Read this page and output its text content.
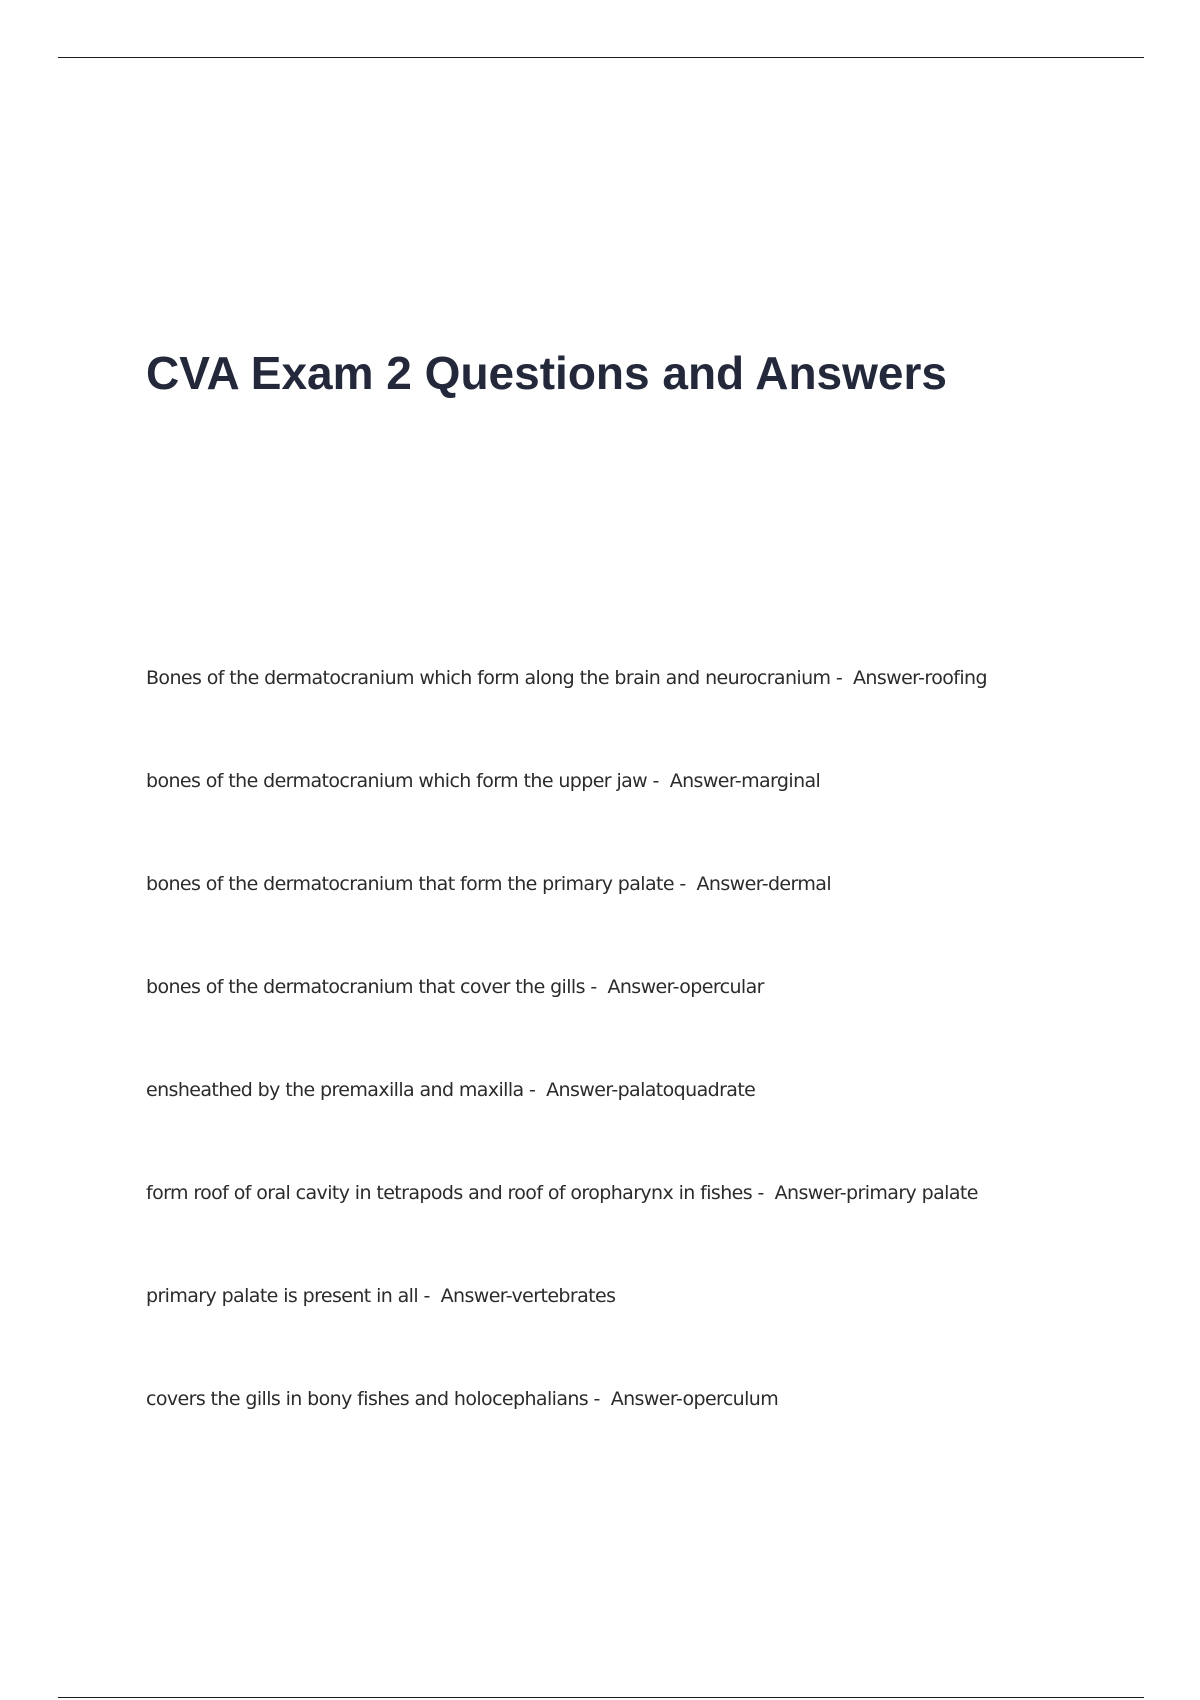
CVA Exam 2 Questions and Answers
Bones of the dermatocranium which form along the brain and neurocranium -  Answer-roofing
bones of the dermatocranium which form the upper jaw -  Answer-marginal
bones of the dermatocranium that form the primary palate -  Answer-dermal
bones of the dermatocranium that cover the gills -  Answer-opercular
ensheathed by the premaxilla and maxilla -  Answer-palatoquadrate
form roof of oral cavity in tetrapods and roof of oropharynx in fishes -  Answer-primary palate
primary palate is present in all -  Answer-vertebrates
covers the gills in bony fishes and holocephalians -  Answer-operculum
